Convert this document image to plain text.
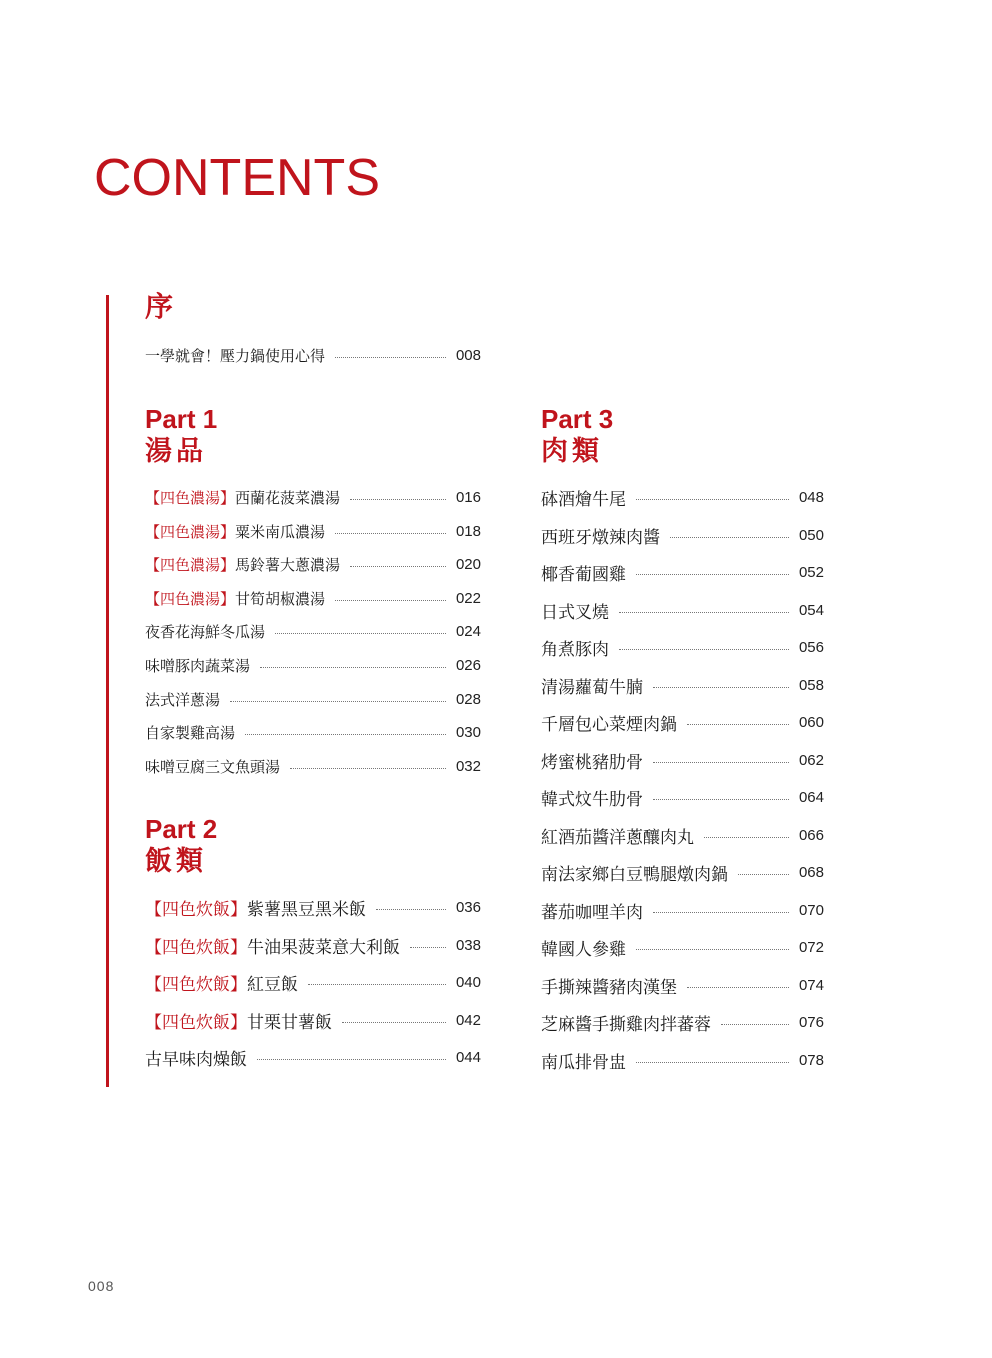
CONTENTS
序
一學就會！壓力鍋使用心得	008
Part 1
湯品
【四色濃湯】西蘭花菠菜濃湯	016
【四色濃湯】粟米南瓜濃湯	018
【四色濃湯】馬鈴薯大蔥濃湯	020
【四色濃湯】甘筍胡椒濃湯	022
夜香花海鮮冬瓜湯	024
味噌豚肉蔬菜湯	026
法式洋蔥湯	028
自家製雞高湯	030
味噌豆腐三文魚頭湯	032
Part 2
飯類
【四色炊飯】紫薯黑豆黑米飯	036
【四色炊飯】牛油果菠菜意大利飯	038
【四色炊飯】紅豆飯	040
【四色炊飯】甘栗甘薯飯	042
古早味肉燥飯	044
Part 3
肉類
砵酒燴牛尾	048
西班牙燉辣肉醬	050
椰香葡國雞	052
日式叉燒	054
角煮豚肉	056
清湯蘿蔔牛腩	058
千層包心菜煙肉鍋	060
烤蜜桃豬肋骨	062
韓式炆牛肋骨	064
紅酒茄醬洋蔥釀肉丸	066
南法家鄉白豆鴨腿燉肉鍋	068
蕃茄咖哩羊肉	070
韓國人參雞	072
手撕辣醬豬肉漢堡	074
芝麻醬手撕雞肉拌蕃蓉	076
南瓜排骨盅	078
008
